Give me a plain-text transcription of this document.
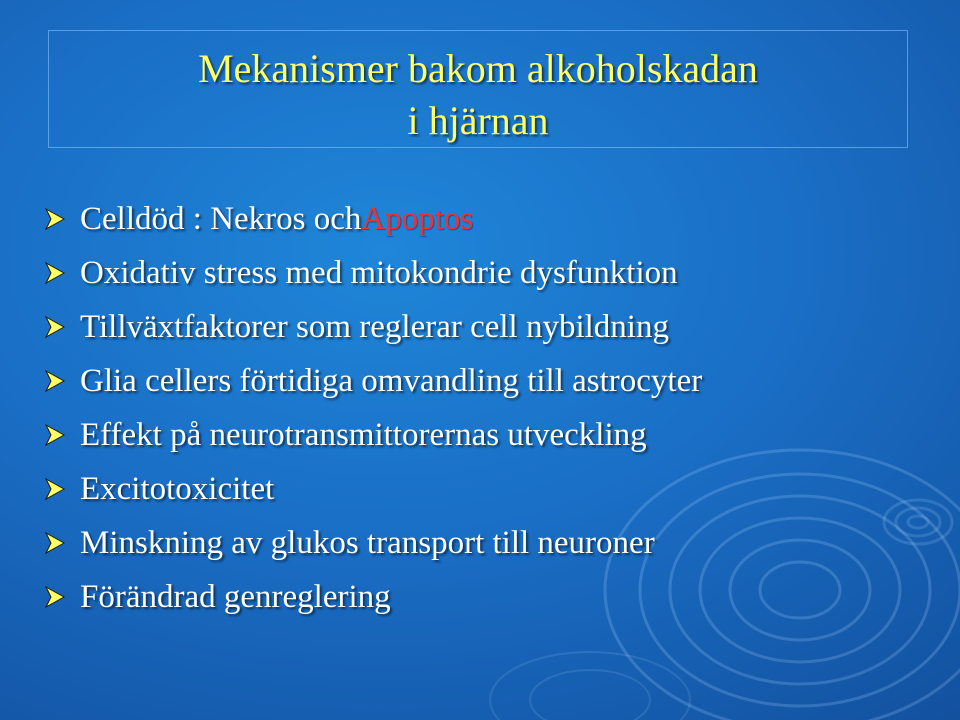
Mekanismer bakom alkoholskadan
i hjärnan
Celldöd : Nekros och Apoptos
Oxidativ stress med mitokondrie dysfunktion
Tillväxtfaktorer som reglerar cell nybildning
Glia cellers förtidiga omvandling till astrocyter
Effekt på neurotransmittorernas utveckling
Excitotoxicitet
Minskning av glukos transport till neuroner
Förändrad genreglering
